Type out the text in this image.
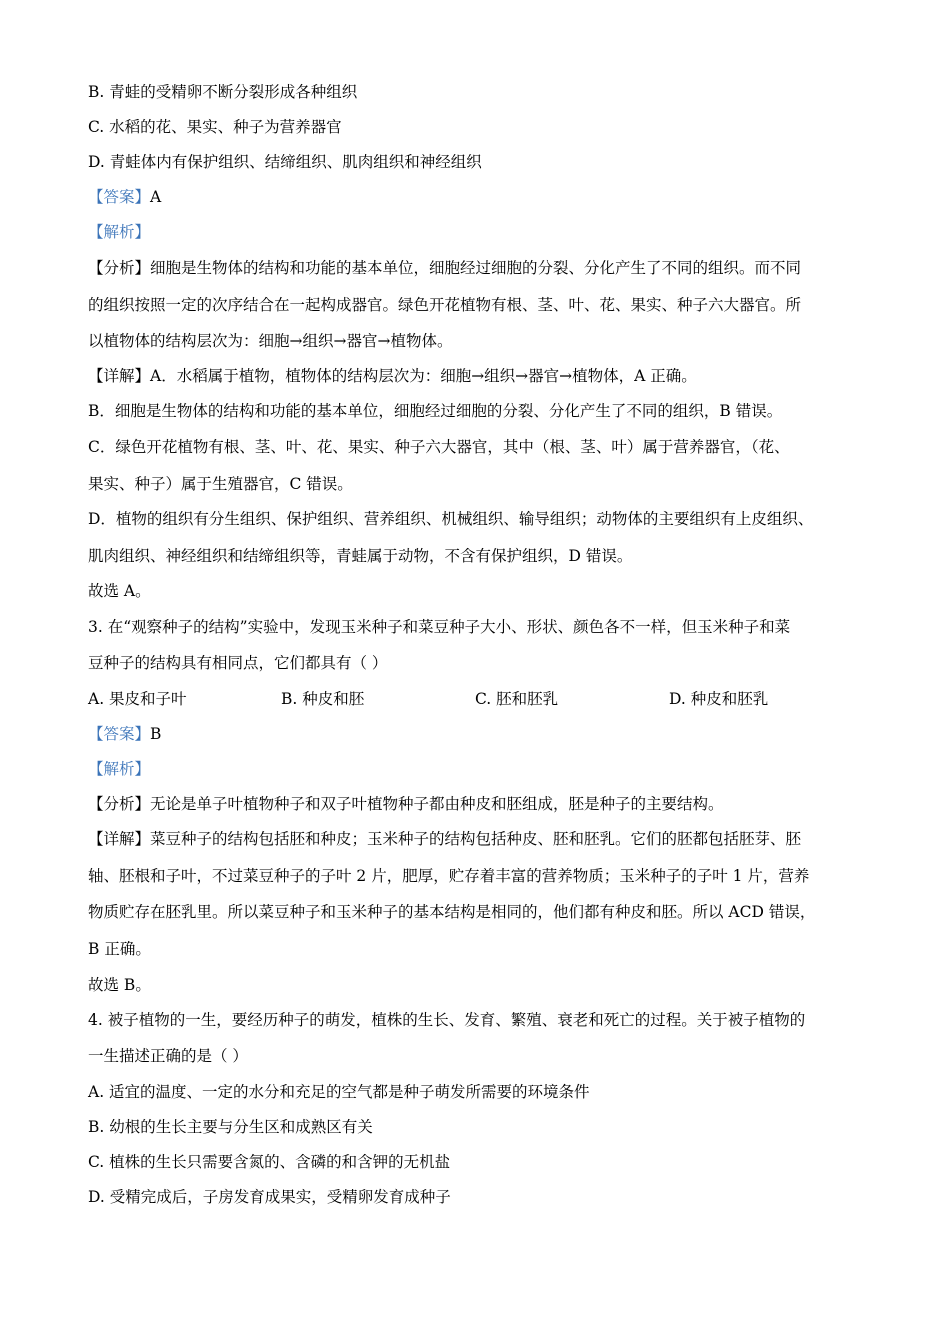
B. 青蛙的受精卵不断分裂形成各种组织
C. 水稻的花、果实、种子为营养器官
D. 青蛙体内有保护组织、结缔组织、肌肉组织和神经组织
【答案】A
【解析】
【分析】细胞是生物体的结构和功能的基本单位，细胞经过细胞的分裂、分化产生了不同的组织。而不同
的组织按照一定的次序结合在一起构成器官。绿色开花植物有根、茎、叶、花、果实、种子六大器官。所
以植物体的结构层次为：细胞→组织→器官→植物体。
【详解】A．水稻属于植物，植物体的结构层次为：细胞→组织→器官→植物体，A 正确。
B．细胞是生物体的结构和功能的基本单位，细胞经过细胞的分裂、分化产生了不同的组织，B 错误。
C．绿色开花植物有根、茎、叶、花、果实、种子六大器官，其中（根、茎、叶）属于营养器官，（花、
果实、种子）属于生殖器官，C 错误。
D．植物的组织有分生组织、保护组织、营养组织、机械组织、输导组织；动物体的主要组织有上皮组织、
肌肉组织、神经组织和结缔组织等，青蛙属于动物，不含有保护组织，D 错误。
故选 A。
3. 在“观察种子的结构”实验中，发现玉米种子和菜豆种子大小、形状、颜色各不一样，但玉米种子和菜
豆种子的结构具有相同点，它们都具有（ ）
A. 果皮和子叶	B. 种皮和胚	C. 胚和胚乳	D. 种皮和胚乳
【答案】B
【解析】
【分析】无论是单子叶植物种子和双子叶植物种子都由种皮和胚组成，胚是种子的主要结构。
【详解】菜豆种子的结构包括胚和种皮；玉米种子的结构包括种皮、胚和胚乳。它们的胚都包括胚芽、胚
轴、胚根和子叶，不过菜豆种子的子叶 2 片，肥厚，贮存着丰富的营养物质；玉米种子的子叶 1 片，营养
物质贮存在胚乳里。所以菜豆种子和玉米种子的基本结构是相同的，他们都有种皮和胚。所以 ACD 错误，
B 正确。
故选 B。
4. 被子植物的一生，要经历种子的萌发，植株的生长、发育、繁殖、衰老和死亡的过程。关于被子植物的
一生描述正确的是（ ）
A. 适宜的温度、一定的水分和充足的空气都是种子萌发所需要的环境条件
B. 幼根的生长主要与分生区和成熟区有关
C. 植株的生长只需要含氮的、含磷的和含钾的无机盐
D. 受精完成后，子房发育成果实，受精卵发育成种子
